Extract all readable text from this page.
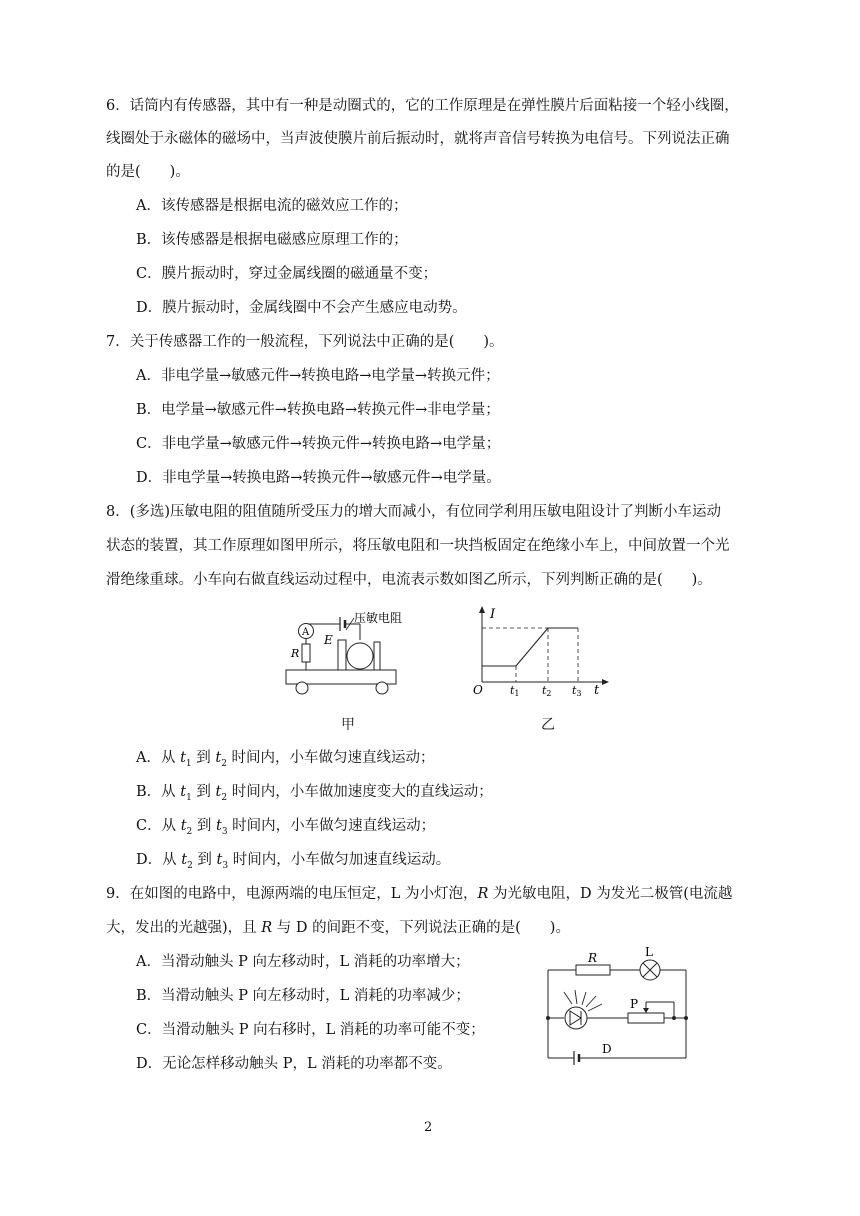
6．话筒内有传感器，其中有一种是动圈式的，它的工作原理是在弹性膜片后面粘接一个轻小线圈，
线圈处于永磁体的磁场中，当声波使膜片前后振动时，就将声音信号转换为电信号。下列说法正确
的是(　　)。
A．该传感器是根据电流的磁效应工作的；
B．该传感器是根据电磁感应原理工作的；
C．膜片振动时，穿过金属线圈的磁通量不变；
D．膜片振动时，金属线圈中不会产生感应电动势。
7．关于传感器工作的一般流程，下列说法中正确的是(　　)。
A．非电学量→敏感元件→转换电路→电学量→转换元件；
B．电学量→敏感元件→转换电路→转换元件→非电学量；
C．非电学量→敏感元件→转换元件→转换电路→电学量；
D．非电学量→转换电路→转换元件→敏感元件→电学量。
8．(多选)压敏电阻的阻值随所受压力的增大而减小，有位同学利用压敏电阻设计了判断小车运动
状态的装置，其工作原理如图甲所示，将压敏电阻和一块挡板固定在绝缘小车上，中间放置一个光
滑绝缘重球。小车向右做直线运动过程中，电流表示数如图乙所示，下列判断正确的是(　　)。
A
R
E
压敏电阻
甲
I
t
O t1 t2 t3
乙
A．从 $t_1$ 到 $t_2$ 时间内，小车做匀速直线运动；
B．从 $t_1$ 到 $t_2$ 时间内，小车做加速度变大的直线运动；
C．从 $t_2$ 到 $t_3$ 时间内，小车做匀速直线运动；
D．从 $t_2$ 到 $t_3$ 时间内，小车做匀加速直线运动。
9．在如图的电路中，电源两端的电压恒定，L 为小灯泡，R 为光敏电阻，D 为发光二极管(电流越
大，发出的光越强)，且 R 与 D 的间距不变，下列说法正确的是(　　)。
A．当滑动触头 P 向左移动时，L 消耗的功率增大；
B．当滑动触头 P 向左移动时，L 消耗的功率减少；
C．当滑动触头 P 向右移时，L 消耗的功率可能不变；
D．无论怎样移动触头 P，L 消耗的功率都不变。
R	L
P
D
2
